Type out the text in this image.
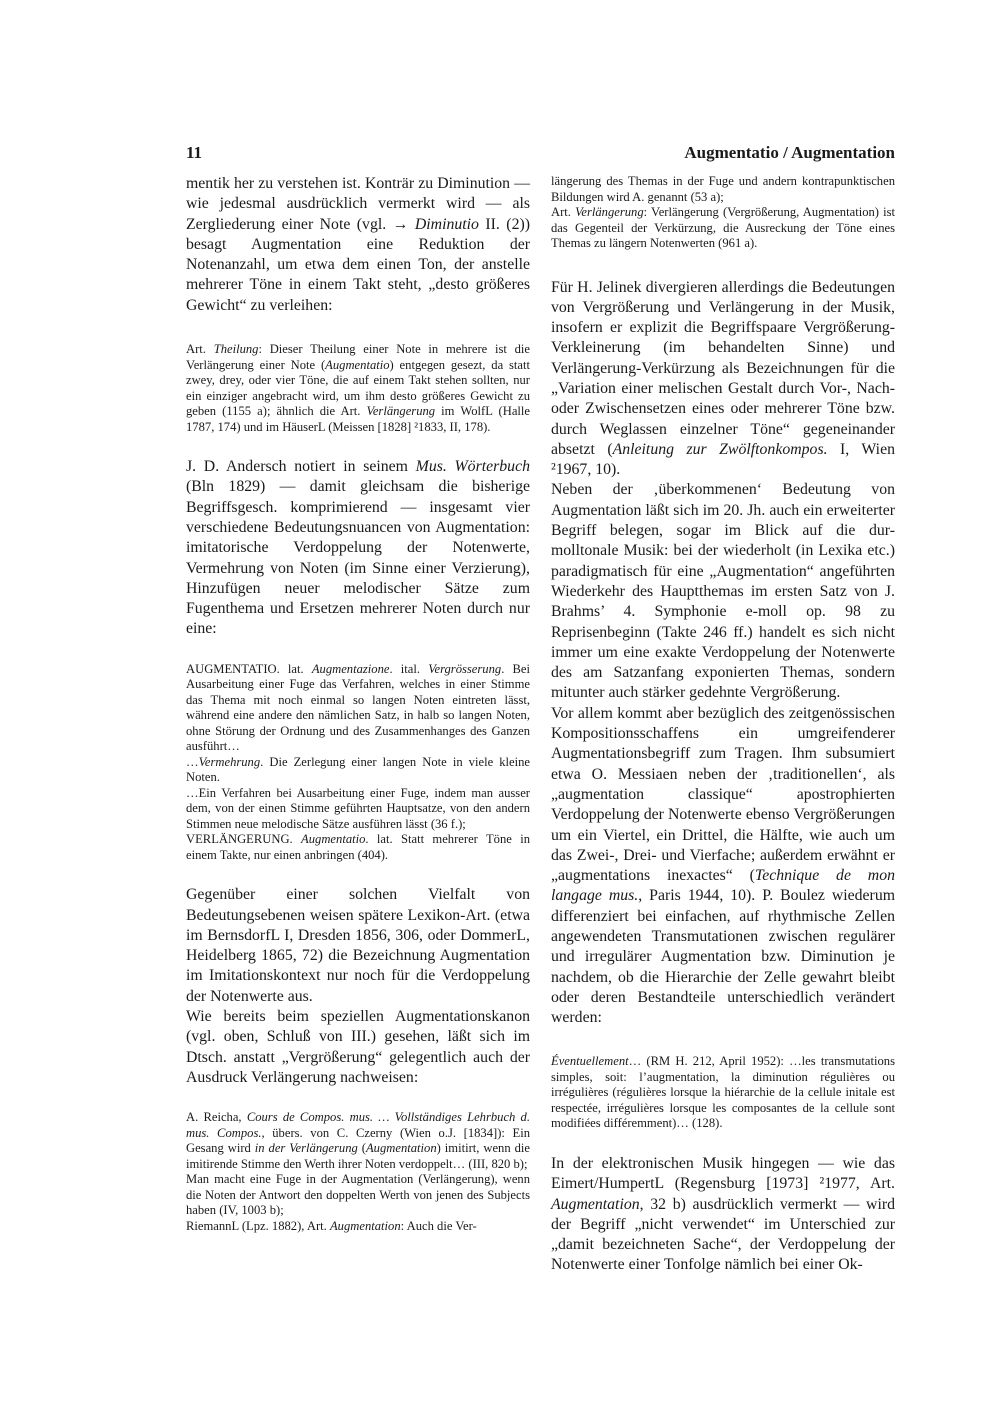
11	Augmentatio / Augmentation

mentik her zu verstehen ist. Konträr zu Diminution — wie jedesmal ausdrücklich vermerkt wird — als Zergliederung einer Note (vgl. → Diminutio II. (2)) besagt Augmentation eine Reduktion der Notenanzahl, um etwa dem einen Ton, der anstelle mehrerer Töne in einem Takt steht, „desto größeres Gewicht“ zu verleihen:

Art. Theilung: Dieser Theilung einer Note in mehrere ist die Verlängerung einer Note (Augmentatio) entgegen gesezt, da statt zwey, drey, oder vier Töne, die auf einem Takt stehen sollten, nur ein einziger angebracht wird, um ihm desto größeres Gewicht zu geben (1155 a); ähnlich die Art. Verlängerung im WolfL (Halle 1787, 174) und im HäuserL (Meissen [1828] ²1833, II, 178).

J. D. Andersch notiert in seinem Mus. Wörterbuch (Bln 1829) — damit gleichsam die bisherige Begriffsgesch. komprimierend — insgesamt vier verschiedene Bedeutungsnuancen von Augmentation: imitatorische Verdoppelung der Notenwerte, Vermehrung von Noten (im Sinne einer Verzierung), Hinzufügen neuer melodischer Sätze zum Fugenthema und Ersetzen mehrerer Noten durch nur eine:

AUGMENTATIO. lat. Augmentazione. ital. Vergrösserung. Bei Ausarbeitung einer Fuge das Verfahren, welches in einer Stimme das Thema mit noch einmal so langen Noten eintreten lässt, während eine andere den nämlichen Satz, in halb so langen Noten, ohne Störung der Ordnung und des Zusammenhanges des Ganzen ausführt…

…Vermehrung. Die Zerlegung einer langen Note in viele kleine Noten.

…Ein Verfahren bei Ausarbeitung einer Fuge, indem man ausser dem, von der einen Stimme geführten Hauptsatze, von den andern Stimmen neue melodische Sätze ausführen lässt (36 f.);

VERLÄNGERUNG. Augmentatio. lat. Statt mehrerer Töne in einem Takte, nur einen anbringen (404).

Gegenüber einer solchen Vielfalt von Bedeutungsebenen weisen spätere Lexikon-Art. (etwa im BernsdorfL I, Dresden 1856, 306, oder DommerL, Heidelberg 1865, 72) die Bezeichnung Augmentation im Imitationskontext nur noch für die Verdoppelung der Notenwerte aus.

Wie bereits beim speziellen Augmentationskanon (vgl. oben, Schluß von III.) gesehen, läßt sich im Dtsch. anstatt „Vergrößerung“ gelegentlich auch der Ausdruck Verlängerung nachweisen:

A. Reicha, Cours de Compos. mus. … Vollständiges Lehrbuch d. mus. Compos., übers. von C. Czerny (Wien o.J. [1834]): Ein Gesang wird in der Verlängerung (Augmentation) imitirt, wenn die imitirende Stimme den Werth ihrer Noten verdoppelt… (III, 820 b);

Man macht eine Fuge in der Augmentation (Verlängerung), wenn die Noten der Antwort den doppelten Werth von jenen des Subjects haben (IV, 1003 b);

RiemannL (Lpz. 1882), Art. Augmentation: Auch die Ver-

längerung des Themas in der Fuge und andern kontrapunktischen Bildungen wird A. genannt (53 a);

Art. Verlängerung: Verlängerung (Vergrößerung, Augmentation) ist das Gegenteil der Verkürzung, die Ausreckung der Töne eines Themas zu längern Notenwerten (961 a).

Für H. Jelinek divergieren allerdings die Bedeutungen von Vergrößerung und Verlängerung in der Musik, insofern er explizit die Begriffspaare Vergrößerung-Verkleinerung (im behandelten Sinne) und Verlängerung-Verkürzung als Bezeichnungen für die „Variation einer melischen Gestalt durch Vor-, Nach- oder Zwischensetzen eines oder mehrerer Töne bzw. durch Weglassen einzelner Töne“ gegeneinander absetzt (Anleitung zur Zwölftonkompos. I, Wien ²1967, 10).

Neben der ‚überkommenen‘ Bedeutung von Augmentation läßt sich im 20. Jh. auch ein erweiterter Begriff belegen, sogar im Blick auf die dur-molltonale Musik: bei der wiederholt (in Lexika etc.) paradigmatisch für eine „Augmentation“ angeführten Wiederkehr des Hauptthemas im ersten Satz von J. Brahms’ 4. Symphonie e-moll op. 98 zu Reprisenbeginn (Takte 246 ff.) handelt es sich nicht immer um eine exakte Verdoppelung der Notenwerte des am Satzanfang exponierten Themas, sondern mitunter auch stärker gedehnte Vergrößerung.

Vor allem kommt aber bezüglich des zeitgenössischen Kompositionsschaffens ein umgreifenderer Augmentationsbegriff zum Tragen. Ihm subsumiert etwa O. Messiaen neben der ‚traditionellen‘, als „augmentation classique“ apostrophierten Verdoppelung der Notenwerte ebenso Vergrößerungen um ein Viertel, ein Drittel, die Hälfte, wie auch um das Zwei-, Drei- und Vierfache; außerdem erwähnt er „augmentations inexactes“ (Technique de mon langage mus., Paris 1944, 10). P. Boulez wiederum differenziert bei einfachen, auf rhythmische Zellen angewendeten Transmutationen zwischen regulärer und irregulärer Augmentation bzw. Diminution je nachdem, ob die Hierarchie der Zelle gewahrt bleibt oder deren Bestandteile unterschiedlich verändert werden:

Éventuellement… (RM H. 212, April 1952): …les transmutations simples, soit: l’augmentation, la diminution régulières ou irrégulières (régulières lorsque la hiérarchie de la cellule initale est respectée, irrégulières lorsque les composantes de la cellule sont modifiées différemment)… (128).

In der elektronischen Musik hingegen — wie das Eimert/HumpertL (Regensburg [1973] ²1977, Art. Augmentation, 32 b) ausdrücklich vermerkt — wird der Begriff „nicht verwendet“ im Unterschied zur „damit bezeichneten Sache“, der Verdoppelung der Notenwerte einer Tonfolge nämlich bei einer Ok-
